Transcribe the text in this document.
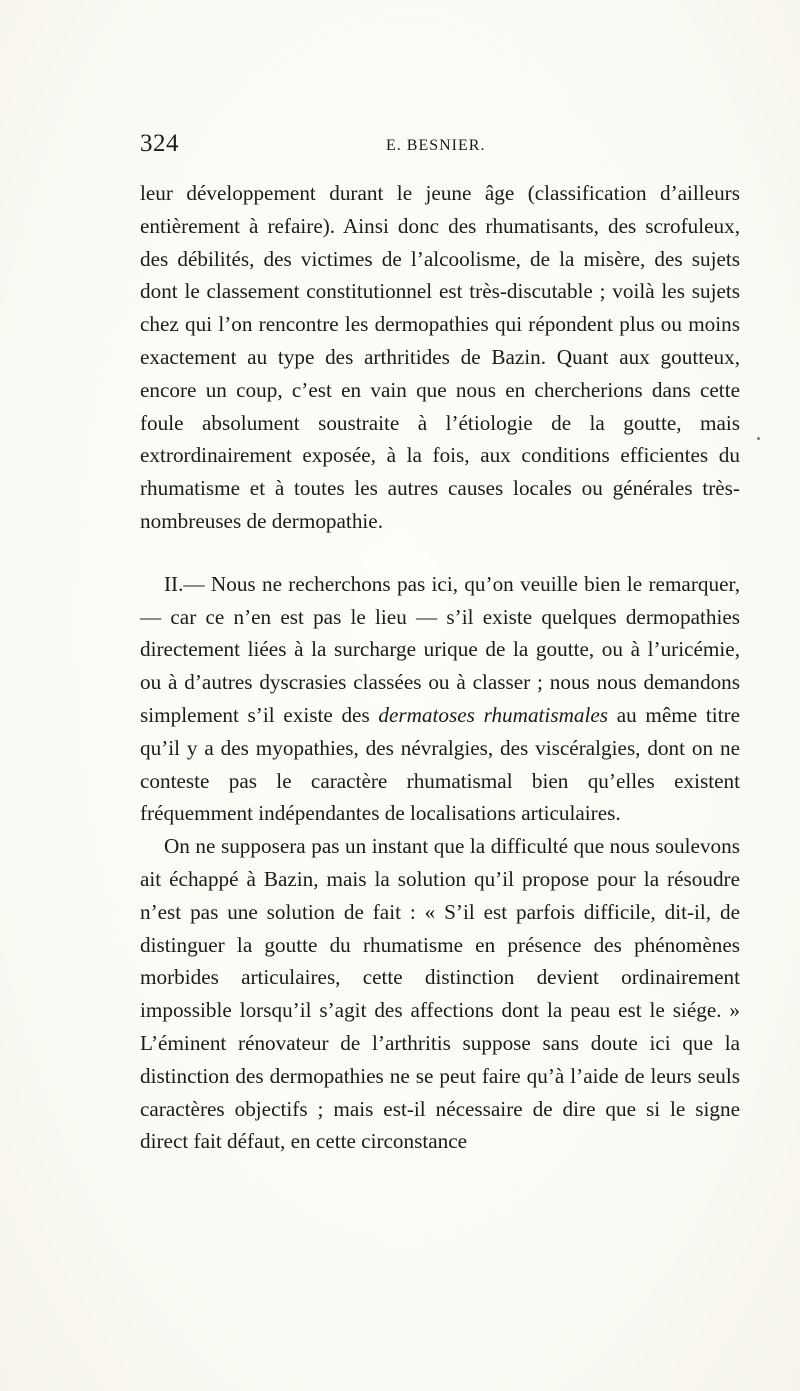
324	E. BESNIER.

leur développement durant le jeune âge (classification d’ailleurs entièrement à refaire). Ainsi donc des rhumatisants, des scrofuleux, des débilités, des victimes de l’alcoolisme, de la misère, des sujets dont le classement constitutionnel est très-discutable ; voilà les sujets chez qui l’on rencontre les dermopathies qui répondent plus ou moins exactement au type des arthritides de Bazin. Quant aux goutteux, encore un coup, c’est en vain que nous en chercherions dans cette foule absolument soustraite à l’étiologie de la goutte, mais extrordinairement exposée, à la fois, aux conditions efficientes du rhumatisme et à toutes les autres causes locales ou générales très-nombreuses de dermopathie.

II.— Nous ne recherchons pas ici, qu’on veuille bien le remarquer, — car ce n’en est pas le lieu — s’il existe quelques dermopathies directement liées à la surcharge urique de la goutte, ou à l’uricémie, ou à d’autres dyscrasies classées ou à classer ; nous nous demandons simplement s’il existe des dermatoses rhumatismales au même titre qu’il y a des myopathies, des névralgies, des viscéralgies, dont on ne conteste pas le caractère rhumatismal bien qu’elles existent fréquemment indépendantes de localisations articulaires.

On ne supposera pas un instant que la difficulté que nous soulevons ait échappé à Bazin, mais la solution qu’il propose pour la résoudre n’est pas une solution de fait : « S’il est parfois difficile, dit-il, de distinguer la goutte du rhumatisme en présence des phénomènes morbides articulaires, cette distinction devient ordinairement impossible lorsqu’il s’agit des affections dont la peau est le siége. » L’éminent rénovateur de l’arthritis suppose sans doute ici que la distinction des dermopathies ne se peut faire qu’à l’aide de leurs seuls caractères objectifs ; mais est-il nécessaire de dire que si le signe direct fait défaut, en cette circonstance
